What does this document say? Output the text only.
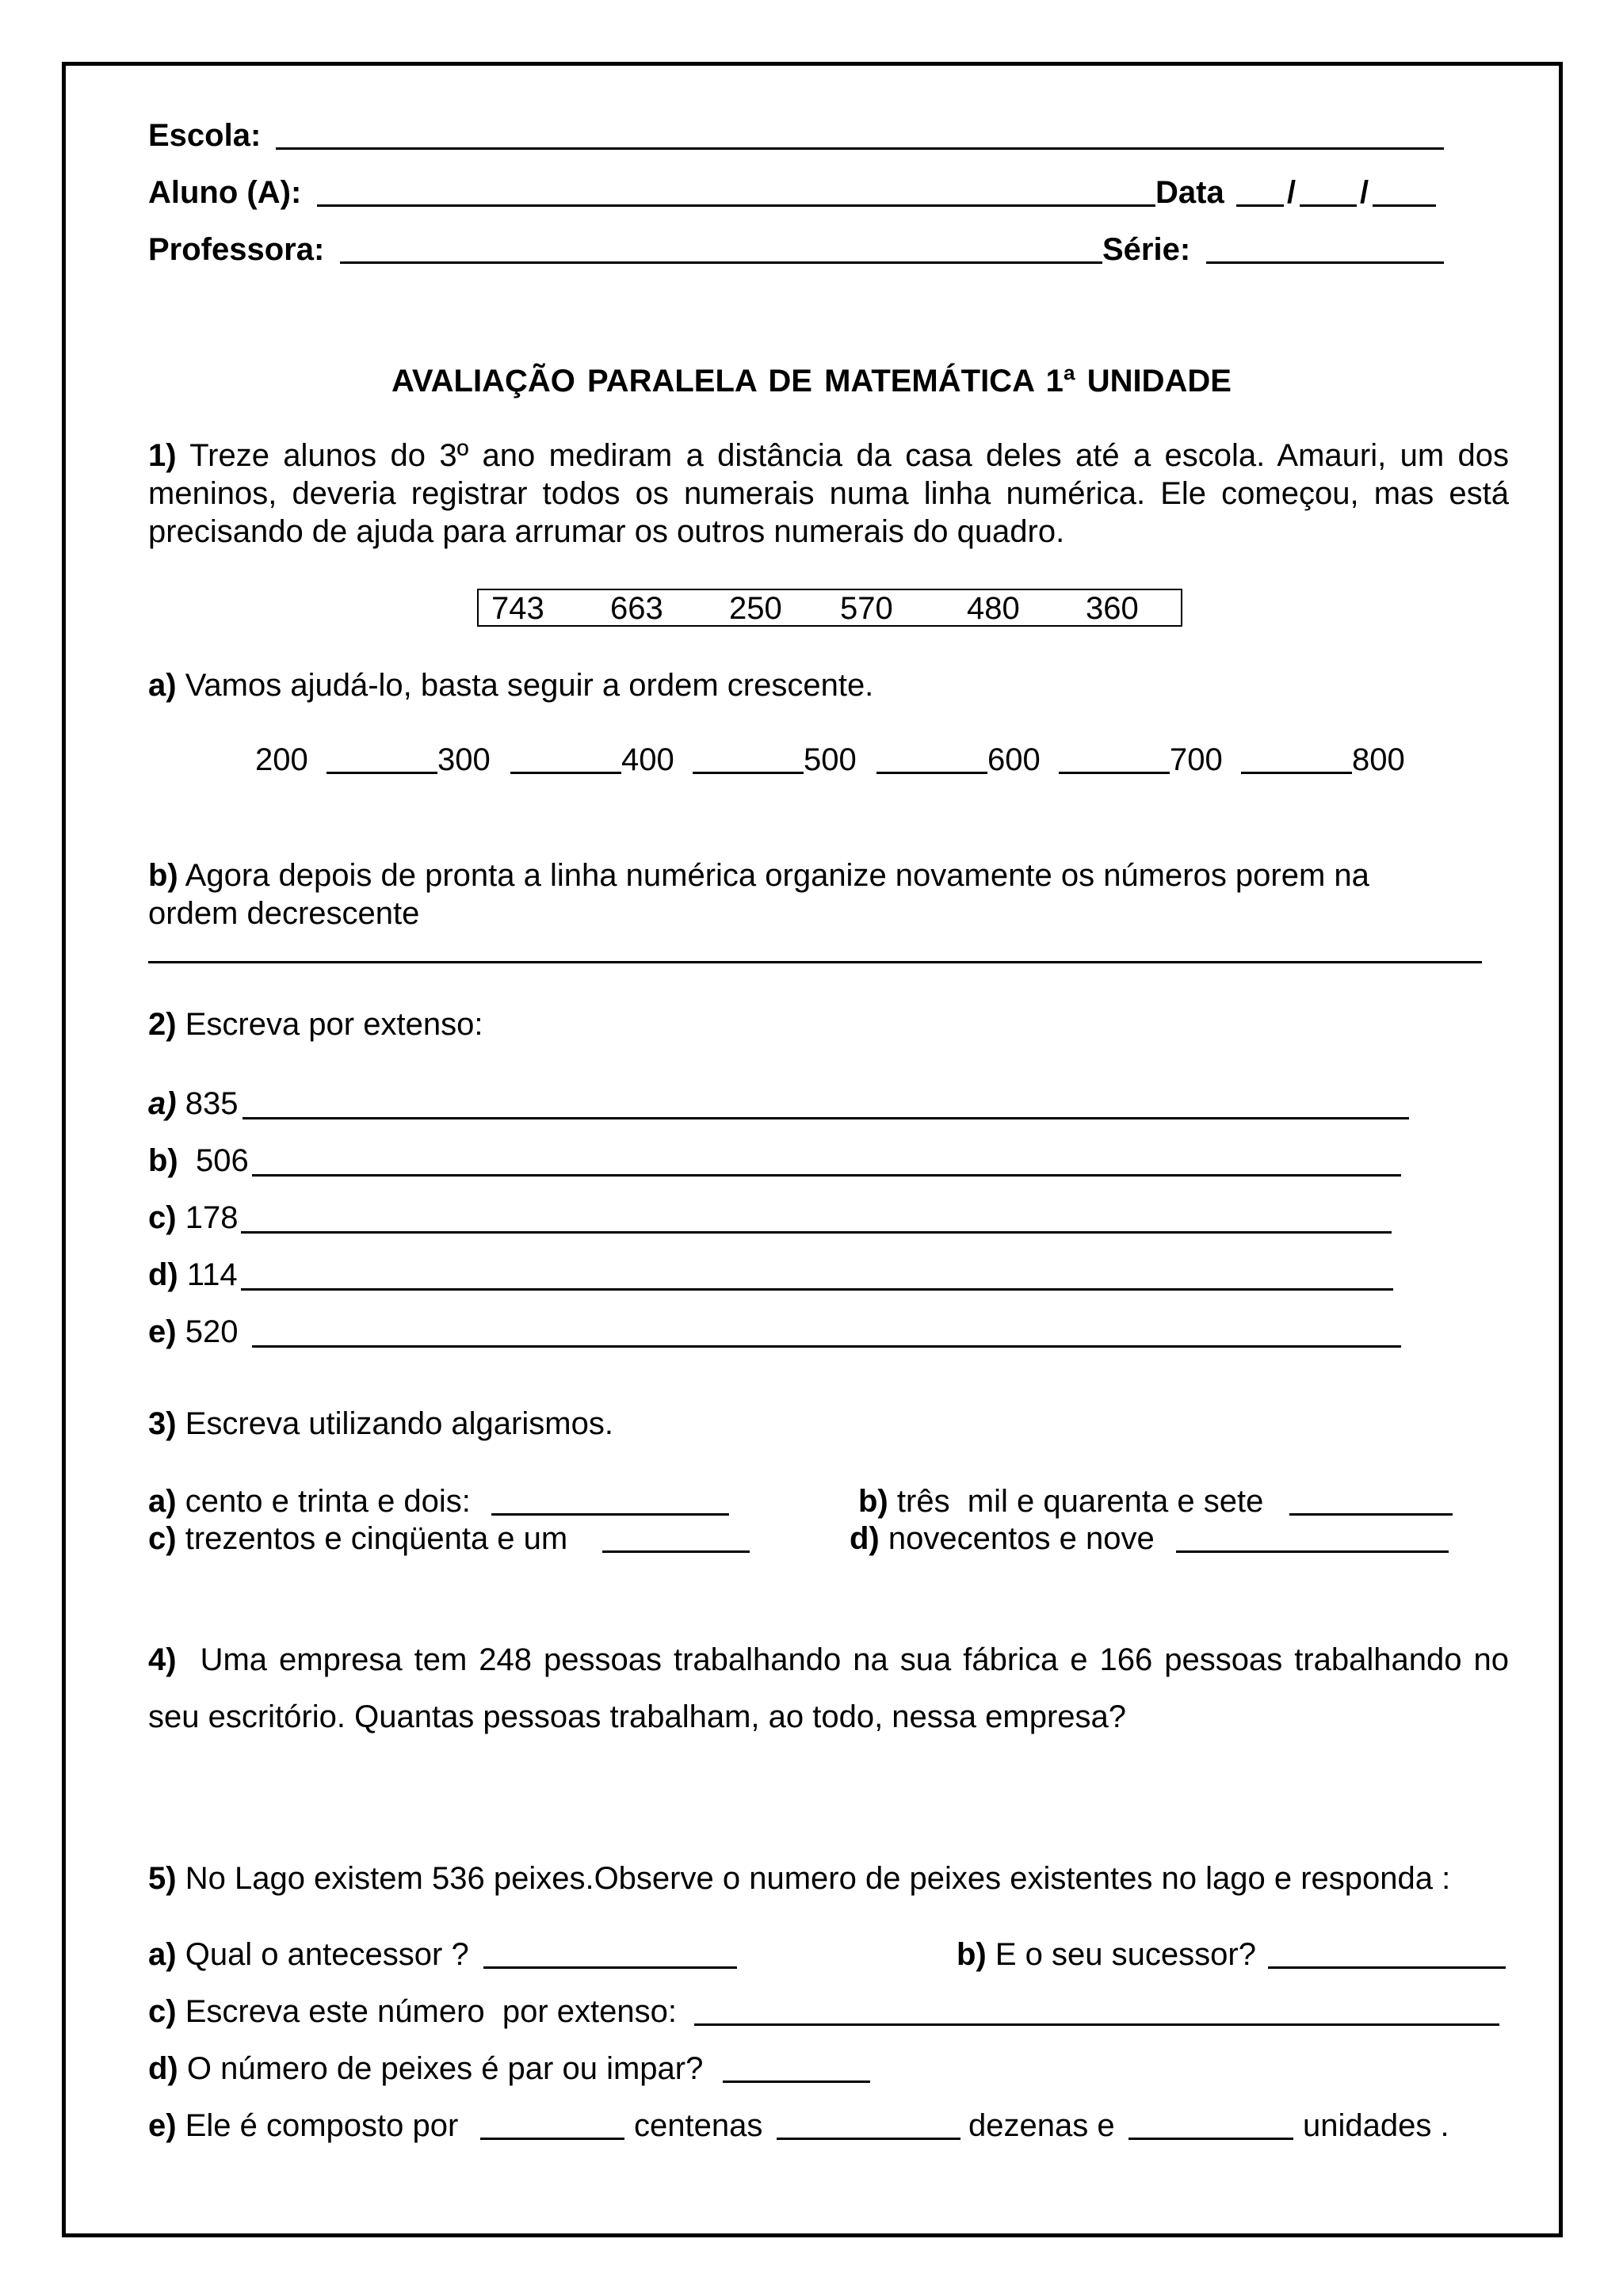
Escola:
Aluno (A):	Data / /
Professora:	Série:
AVALIAÇÃO PARALELA DE MATEMÁTICA 1ª UNIDADE
1) Treze alunos do 3º ano mediram a distância da casa deles até a escola. Amauri, um dos
meninos, deveria registrar todos os numerais numa linha numérica. Ele começou, mas está
precisando de ajuda para arrumar os outros numerais do quadro.
743 663 250 570 480 360
a) Vamos ajudá-lo, basta seguir a ordem crescente.
200	300	400	500	600	700	800
b) Agora depois de pronta a linha numérica organize novamente os números porem na
ordem decrescente
2) Escreva por extenso:
a) 835
b) 506
c) 178
d) 114
e) 520
3) Escreva utilizando algarismos.
a) cento e trinta e dois:	b) três  mil e quarenta e sete
c) trezentos e cinqüenta e um	d) novecentos e nove
4) Uma empresa tem 248 pessoas trabalhando na sua fábrica e 166 pessoas trabalhando no
seu escritório. Quantas pessoas trabalham, ao todo, nessa empresa?
5) No Lago existem 536 peixes.Observe o numero de peixes existentes no lago e responda :
a) Qual o antecessor ?	b) E o seu sucessor?
c) Escreva este número  por extenso:
d) O número de peixes é par ou impar?
e) Ele é composto por	centenas	dezenas e	unidades .
